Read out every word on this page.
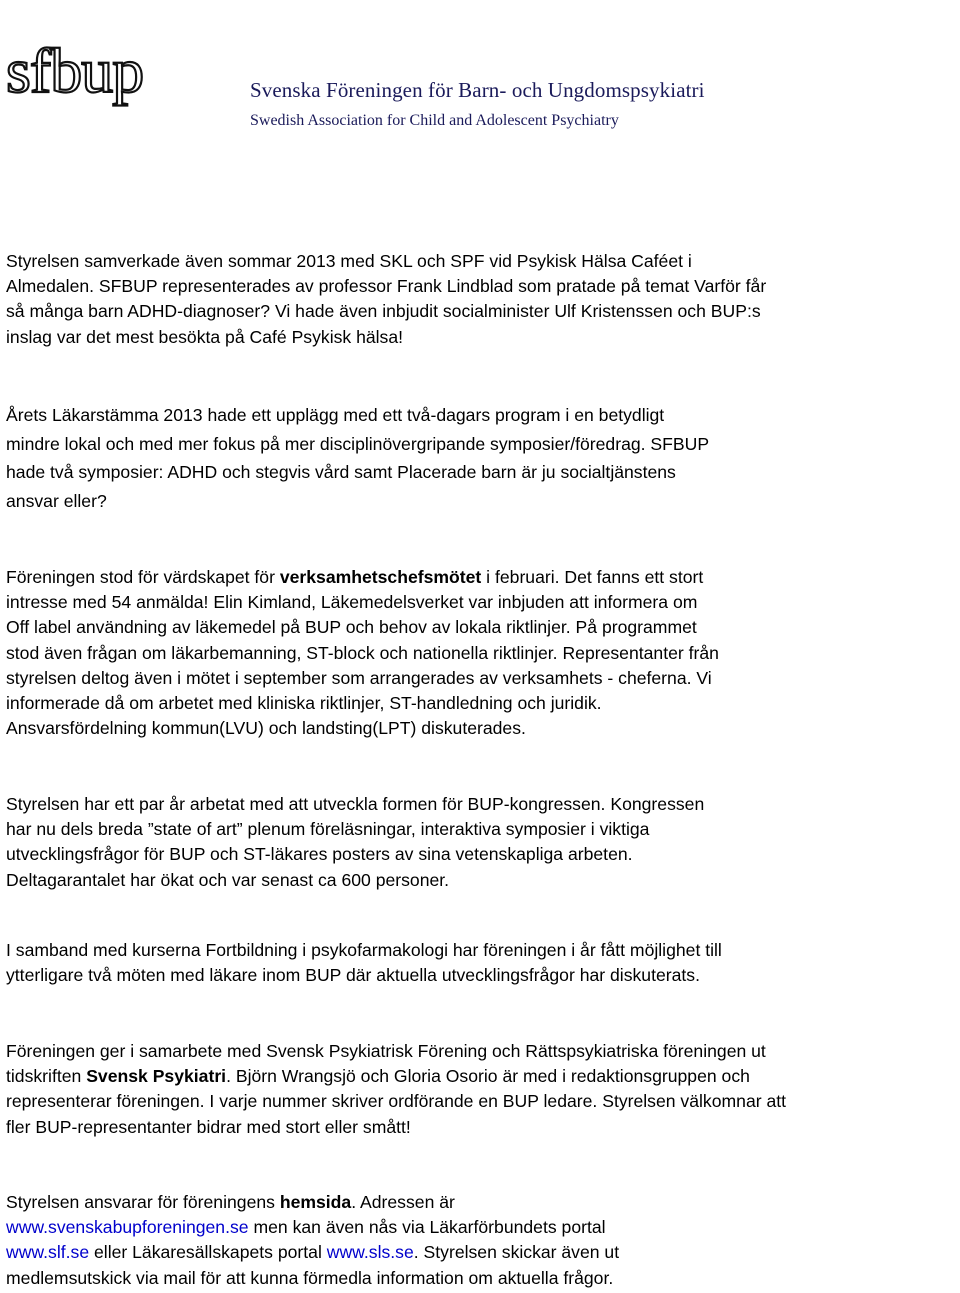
sfbup	Svenska Föreningen för Barn- och Ungdomspsykiatri
Swedish Association for Child and Adolescent Psychiatry
Styrelsen samverkade även sommar 2013 med SKL och SPF vid Psykisk Hälsa Caféet i
Almedalen. SFBUP representerades av professor Frank Lindblad som pratade på temat Varför får
så många barn ADHD-diagnoser? Vi hade även inbjudit socialminister Ulf Kristenssen och BUP:s
inslag var det mest besökta på Café Psykisk hälsa!
Årets Läkarstämma 2013 hade ett upplägg med ett två-dagars program i en betydligt
mindre lokal och med mer fokus på mer disciplinövergripande symposier/föredrag. SFBUP
hade två symposier: ADHD och stegvis vård samt Placerade barn är ju socialtjänstens
ansvar eller?
Föreningen stod för värdskapet för verksamhetschefsmötet i februari. Det fanns ett stort
intresse med 54 anmälda! Elin Kimland, Läkemedelsverket var inbjuden att informera om
Off label användning av läkemedel på BUP och behov av lokala riktlinjer. På programmet
stod även frågan om läkarbemanning, ST-block och nationella riktlinjer. Representanter från
styrelsen deltog även i mötet i september som arrangerades av verksamhets - cheferna. Vi
informerade då om arbetet med kliniska riktlinjer, ST-handledning och juridik.
Ansvarsfördelning kommun(LVU) och landsting(LPT) diskuterades.
Styrelsen har ett par år arbetat med att utveckla formen för BUP-kongressen. Kongressen
har nu dels breda ”state of art” plenum föreläsningar, interaktiva symposier i viktiga
utvecklingsfrågor för BUP och ST-läkares posters av sina vetenskapliga arbeten.
Deltagarantalet har ökat och var senast ca 600 personer.
I samband med kurserna Fortbildning i psykofarmakologi har föreningen i år fått möjlighet till
ytterligare två möten med läkare inom BUP där aktuella utvecklingsfrågor har diskuterats.
Föreningen ger i samarbete med Svensk Psykiatrisk Förening och Rättspsykiatriska föreningen ut
tidskriften Svensk Psykiatri. Björn Wrangsjö och Gloria Osorio är med i redaktionsgruppen och
representerar föreningen. I varje nummer skriver ordförande en BUP ledare. Styrelsen välkomnar att
fler BUP-representanter bidrar med stort eller smått!
Styrelsen ansvarar för föreningens hemsida. Adressen är
www.svenskabupforeningen.se men kan även nås via Läkarförbundets portal
www.slf.se eller Läkaresällskapets portal www.sls.se. Styrelsen skickar även ut
medlemsutskick via mail för att kunna förmedla information om aktuella frågor.
